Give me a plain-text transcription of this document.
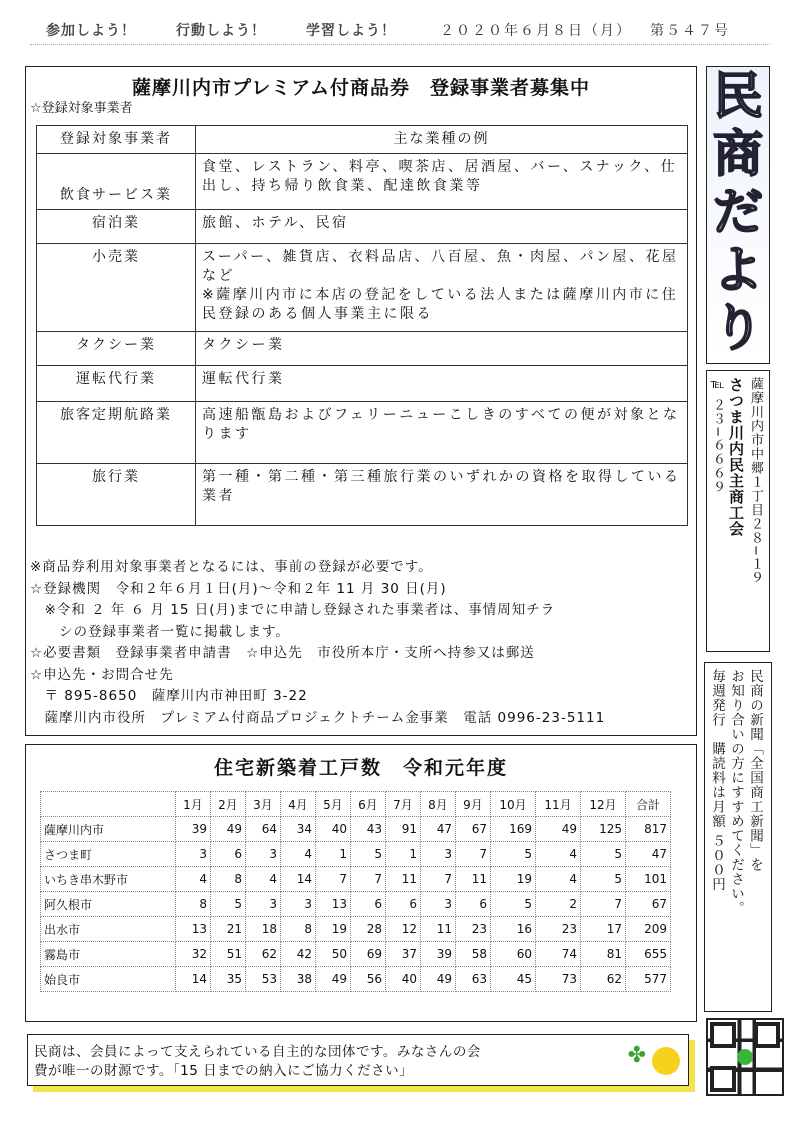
参加しよう！	行動しよう！	学習しよう！	２０２０年６月８日（月） 第５４７号
薩摩川内市プレミアム付商品券　登録事業者募集中
☆登録対象事業者
登録対象事業者	主な業種の例
飲食サービス業	食堂、レストラン、料亭、喫茶店、居酒屋、バー、スナック、仕出し、持ち帰り飲食業、配達飲食業等
宿泊業	旅館、ホテル、民宿
小売業	スーパー、雑貨店、衣料品店、八百屋、魚・肉屋、パン屋、花屋など
※薩摩川内市に本店の登記をしている法人または薩摩川内市に住民登録のある個人事業主に限る
タクシー業	タクシー業
運転代行業	運転代行業
旅客定期航路業	高速船甑島およびフェリーニューこしきのすべての便が対象となります
旅行業	第一種・第二種・第三種旅行業のいずれかの資格を取得している業者
※商品券利用対象事業者となるには、事前の登録が必要です。
☆登録機関　令和２年６月１日(月)～令和２年 11 月 30 日(月)
　※令和 ２ 年 ６ 月 15 日(月)までに申請し登録された事業者は、事情周知チラ
　　シの登録事業者一覧に掲載します。
☆必要書類　登録事業者申請書　☆申込先　市役所本庁・支所へ持参又は郵送
☆申込先・お問合せ先
　〒 895-8650　薩摩川内市神田町 3-22
　薩摩川内市役所　プレミアム付商品プロジェクトチーム金事業　電話 0996-23-5111
住宅新築着工戸数　令和元年度
	1月	2月	3月	4月	5月	6月	7月	8月	9月	10月	11月	12月	合計
薩摩川内市	39	49	64	34	40	43	91	47	67	169	49	125	817
さつま町	3	6	3	4	1	5	1	3	7	5	4	5	47
いちき串木野市	4	8	4	14	7	7	11	7	11	19	4	5	101
阿久根市	8	5	3	3	13	6	6	3	6	5	2	7	67
出水市	13	21	18	8	19	28	12	11	23	16	23	17	209
霧島市	32	51	62	42	50	69	37	39	58	60	74	81	655
始良市	14	35	53	38	49	56	40	49	63	45	73	62	577
民商は、会員によって支えられている自主的な団体です。みなさんの会
費が唯一の財源です。「15 日までの納入にご協力ください」
✤
民
商
だ
よ
り
薩摩川内市中郷１丁目２８−１９
さつま川内民主商工会
℡ ２３−６６６９
民商の新聞「全国商工新聞」を
お知り合いの方にすすめてください。
毎週発行　購読料は月額 ５００円
